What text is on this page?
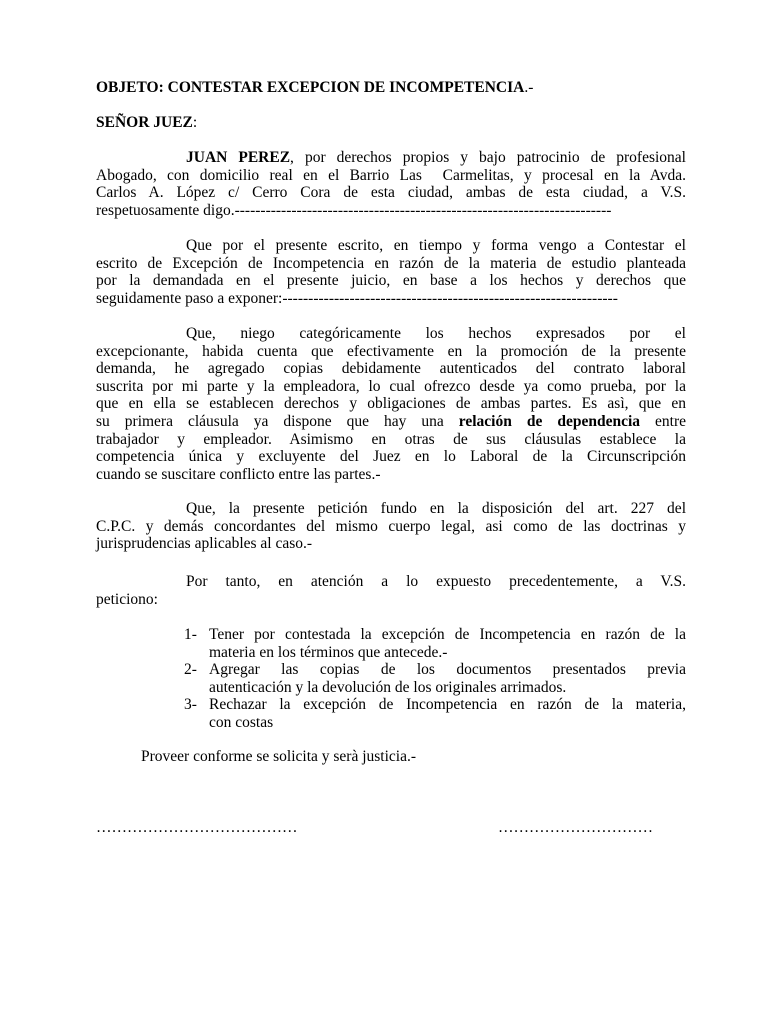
OBJETO: CONTESTAR EXCEPCION DE INCOMPETENCIA.-
SEÑOR JUEZ:
JUAN PEREZ, por derechos propios y bajo patrocinio de profesional
Abogado, con domicilio real en el Barrio Las  Carmelitas, y procesal en la Avda.
Carlos A. López c/ Cerro Cora de esta ciudad, ambas de esta ciudad, a V.S.
respetuosamente digo.-------------------------------------------------------------------------
Que por el presente escrito, en tiempo y forma vengo a Contestar el
escrito de Excepción de Incompetencia en razón de la materia de estudio planteada
por la demandada en el presente juicio, en base a los hechos y derechos que
seguidamente paso a exponer:-----------------------------------------------------------------
Que, niego categóricamente los hechos expresados por el
excepcionante, habida cuenta que efectivamente en la promoción de la presente
demanda, he agregado copias debidamente autenticados del contrato laboral
suscrita por mi parte y la empleadora, lo cual ofrezco desde ya como prueba, por la
que en ella se establecen derechos y obligaciones de ambas partes. Es asì, que en
su primera cláusula ya dispone que hay una relación de dependencia entre
trabajador y empleador. Asimismo en otras de sus cláusulas establece la
competencia única y excluyente del Juez en lo Laboral de la Circunscripción
cuando se suscitare conflicto entre las partes.-
Que, la presente petición fundo en la disposición del art. 227 del
C.P.C. y demás concordantes del mismo cuerpo legal, asi como de las doctrinas y
jurisprudencias aplicables al caso.-
Por tanto, en atención a lo expuesto precedentemente, a V.S.
peticiono:
1- Tener por contestada la excepción de Incompetencia en razón de la
materia en los términos que antecede.-
2- Agregar las copias de los documentos presentados previa
autenticación y la devolución de los originales arrimados.
3- Rechazar la excepción de Incompetencia en razón de la materia,
con costas
Proveer conforme se solicita y serà justicia.-
…………………………………	…………………………
